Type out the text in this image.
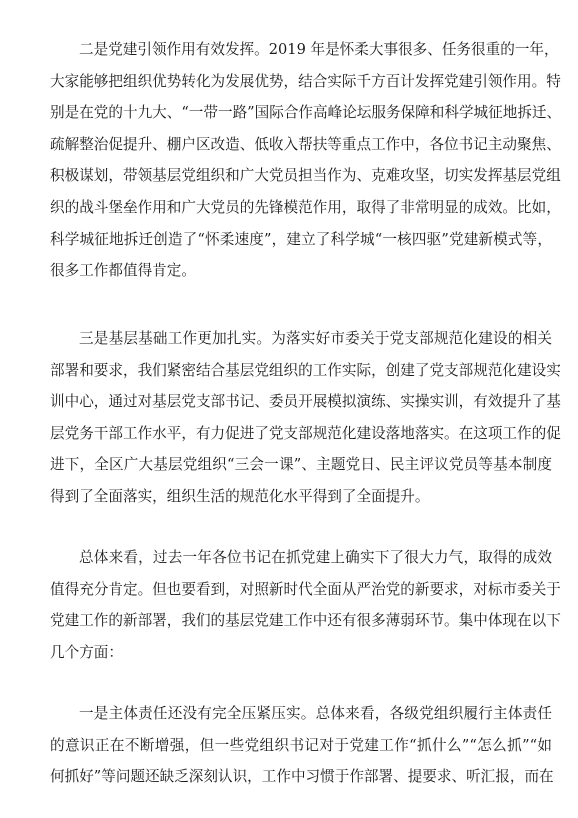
二是党建引领作用有效发挥。2019 年是怀柔大事很多、任务很重的一年，
大家能够把组织优势转化为发展优势，结合实际千方百计发挥党建引领作用。特
别是在党的十九大、“一带一路”国际合作高峰论坛服务保障和科学城征地拆迁、
疏解整治促提升、棚户区改造、低收入帮扶等重点工作中，各位书记主动聚焦、
积极谋划，带领基层党组织和广大党员担当作为、克难攻坚，切实发挥基层党组
织的战斗堡垒作用和广大党员的先锋模范作用，取得了非常明显的成效。比如，
科学城征地拆迁创造了“怀柔速度”，建立了科学城“一核四驱”党建新模式等，
很多工作都值得肯定。

三是基层基础工作更加扎实。为落实好市委关于党支部规范化建设的相关
部署和要求，我们紧密结合基层党组织的工作实际，创建了党支部规范化建设实
训中心，通过对基层党支部书记、委员开展模拟演练、实操实训，有效提升了基
层党务干部工作水平，有力促进了党支部规范化建设落地落实。在这项工作的促
进下，全区广大基层党组织“三会一课”、主题党日、民主评议党员等基本制度
得到了全面落实，组织生活的规范化水平得到了全面提升。

总体来看，过去一年各位书记在抓党建上确实下了很大力气，取得的成效
值得充分肯定。但也要看到，对照新时代全面从严治党的新要求，对标市委关于
党建工作的新部署，我们的基层党建工作中还有很多薄弱环节。集中体现在以下
几个方面：

一是主体责任还没有完全压紧压实。总体来看，各级党组织履行主体责任
的意识正在不断增强，但一些党组织书记对于党建工作“抓什么”“怎么抓”“如
何抓好”等问题还缺乏深刻认识，工作中习惯于作部署、提要求、听汇报，而在
